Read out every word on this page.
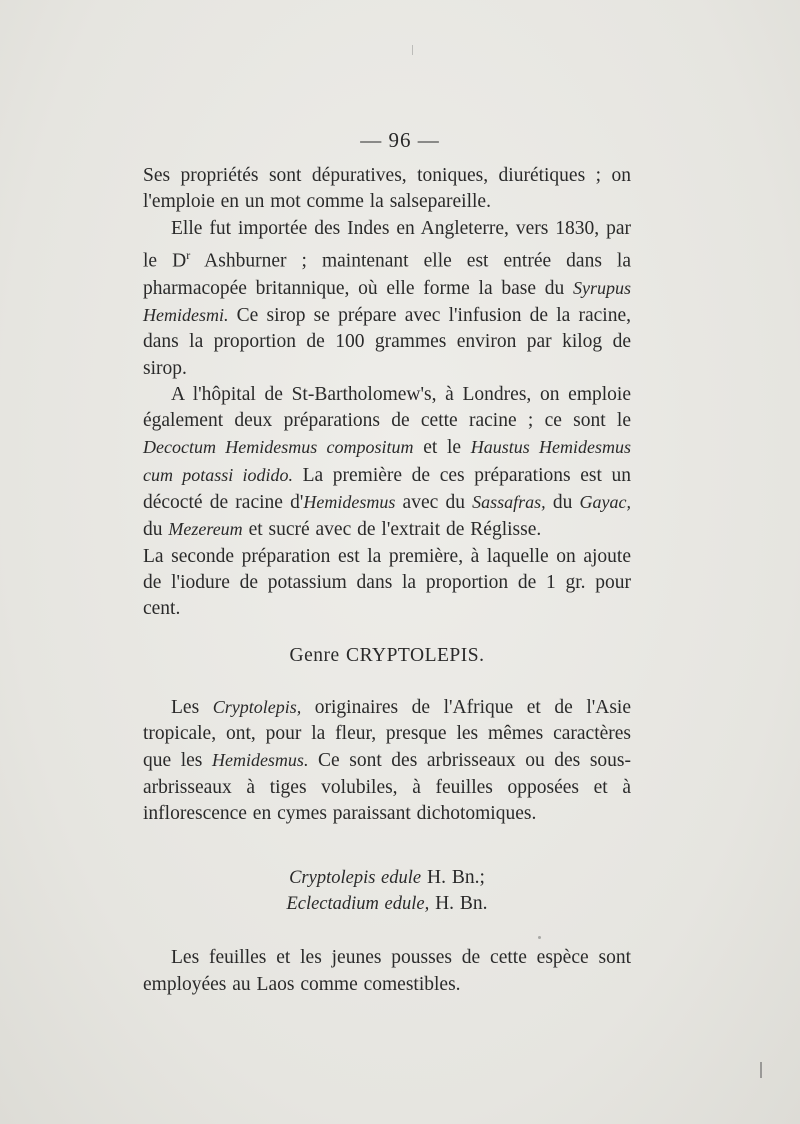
— 96 —

Ses propriétés sont dépuratives, toniques, diurétiques ; on l'emploie en un mot comme la salsepareille.

Elle fut importée des Indes en Angleterre, vers 1830, par le $D^r$ Ashburner ; maintenant elle est entrée dans la pharmacopée britannique, où elle forme la base du Syrupus Hemidesmi. Ce sirop se prépare avec l'infusion de la racine, dans la proportion de 100 grammes environ par kilog de sirop.

A l'hôpital de St-Bartholomew's, à Londres, on emploie également deux préparations de cette racine ; ce sont le Decoctum Hemidesmus compositum et le Haustus Hemidesmus cum potassi iodido. La première de ces préparations est un décocté de racine d'Hemidesmus avec du Sassafras, du Gayac, du Mezereum et sucré avec de l'extrait de Réglisse.

La seconde préparation est la première, à laquelle on ajoute de l'iodure de potassium dans la proportion de 1 gr. pour cent.

Genre CRYPTOLEPIS.

Les Cryptolepis, originaires de l'Afrique et de l'Asie tropicale, ont, pour la fleur, presque les mêmes caractères que les Hemidesmus. Ce sont des arbrisseaux ou des sous-arbrisseaux à tiges volubiles, à feuilles opposées et à inflorescence en cymes paraissant dichotomiques.

Cryptolepis edule H. Bn.;
Eclectadium edule, H. Bn.

Les feuilles et les jeunes pousses de cette espèce sont employées au Laos comme comestibles.
